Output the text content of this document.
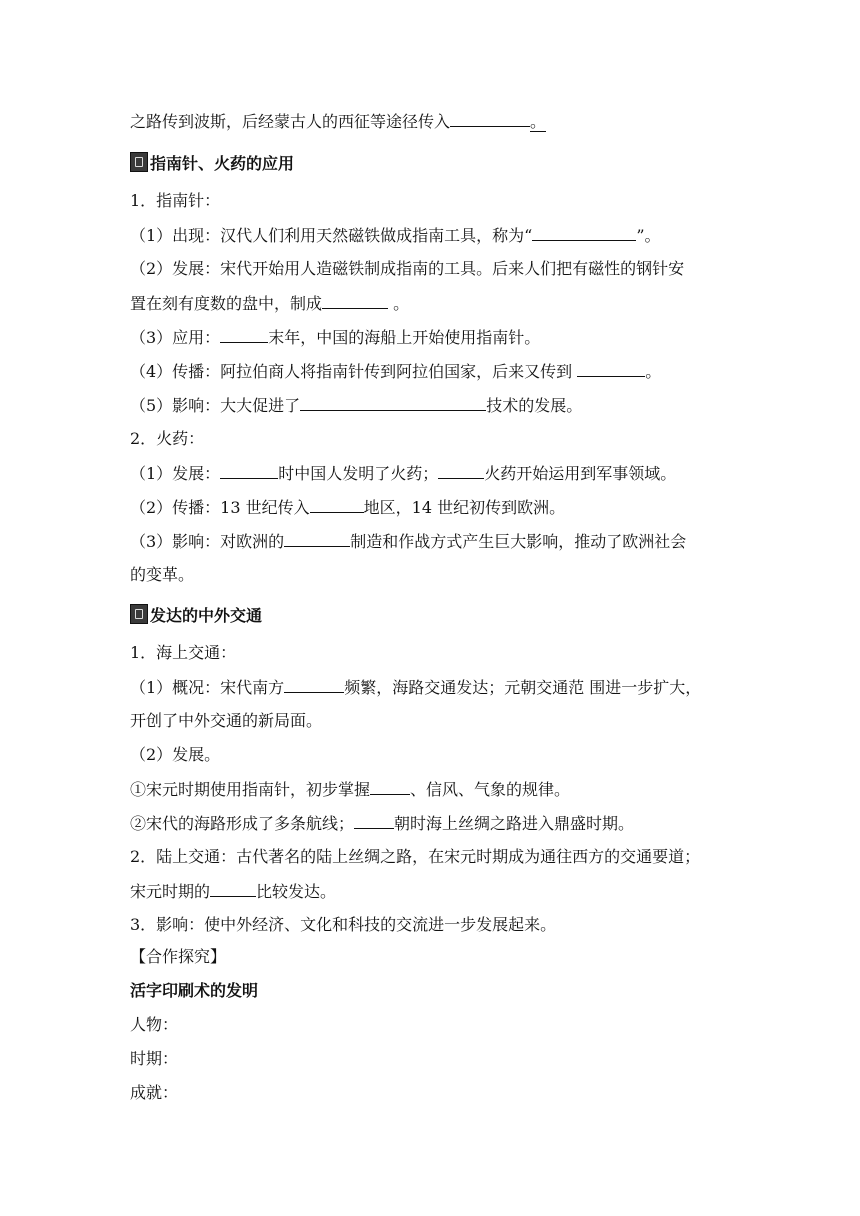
之路传到波斯，后经蒙古人的西征等途径传入	。
指南针、火药的应用
1．指南针：
（1）出现：汉代人们利用天然磁铁做成指南工具，称为“	”。
（2）发展：宋代开始用人造磁铁制成指南的工具。后来人们把有磁性的钢针安
置在刻有度数的盘中，制成	。
（3）应用：	末年，中国的海船上开始使用指南针。
（4）传播：阿拉伯商人将指南针传到阿拉伯国家，后来又传到	。
（5）影响：大大促进了	技术的发展。
2．火药：
（1）发展：	时中国人发明了火药；	火药开始运用到军事领域。
（2）传播：13 世纪传入	地区，14 世纪初传到欧洲。
（3）影响：对欧洲的	制造和作战方式产生巨大影响，推动了欧洲社会
的变革。
发达的中外交通
1．海上交通：
（1）概况：宋代南方	频繁，海路交通发达；元朝交通范 围进一步扩大，
开创了中外交通的新局面。
（2）发展。
①宋元时期使用指南针，初步掌握	、信风、气象的规律。
②宋代的海路形成了多条航线；	朝时海上丝绸之路进入鼎盛时期。
2．陆上交通：古代著名的陆上丝绸之路，在宋元时期成为通往西方的交通要道；
宋元时期的	比较发达。
3．影响：使中外经济、文化和科技的交流进一步发展起来。
【合作探究】
活字印刷术的发明
人物：
时期：
成就：
